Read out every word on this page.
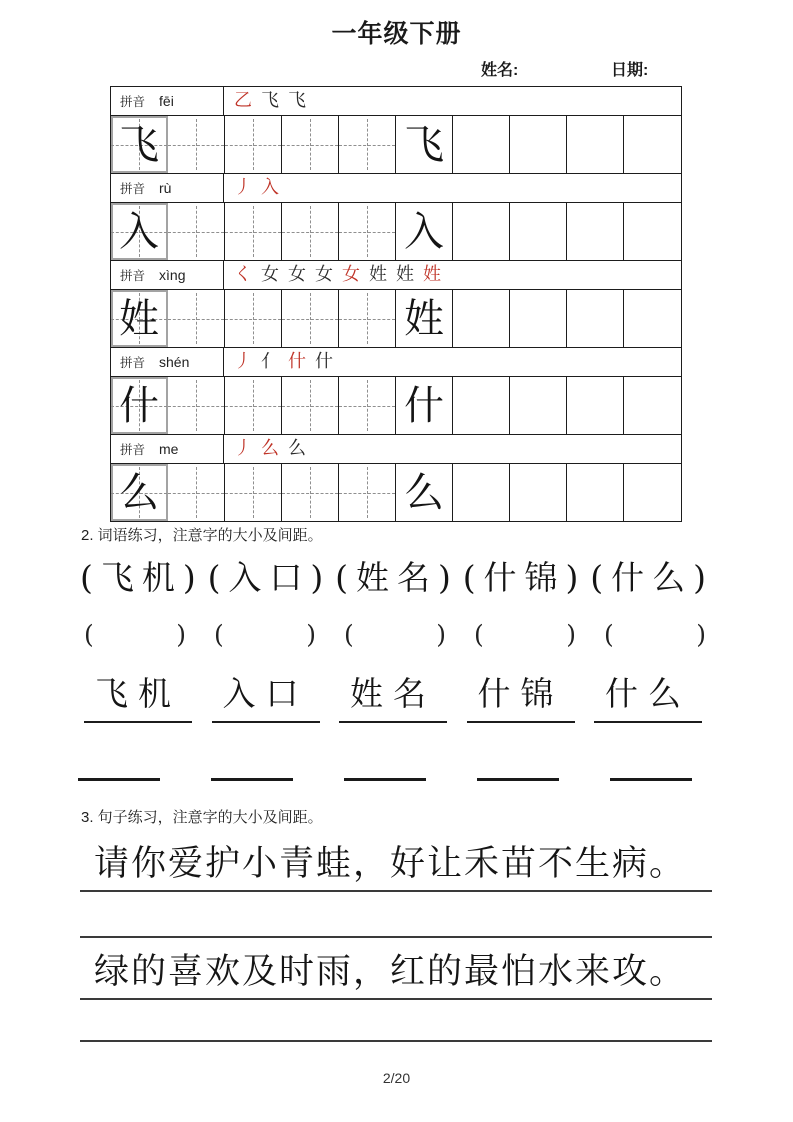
一年级下册
姓名:	日期:
拼音 fēi	乙 飞 飞
飞	飞
拼音 rù	丿 入
入	入
拼音 xìng	く 女 女 女 女 姓 姓 姓
姓	姓
拼音 shén 丿 亻 什 什
什	什
拼音 me	丿 么 么
么	么
2. 词语练习，注意字的大小及间距。
(飞机) (入口) (姓名) (什锦) (什么)
(	) (	) (	) (	) (	)
飞机	入口	姓名	什锦	什么
3. 句子练习，注意字的大小及间距。
请你爱护小青蛙，好让禾苗不生病。
绿的喜欢及时雨，红的最怕水来攻。
2/20
